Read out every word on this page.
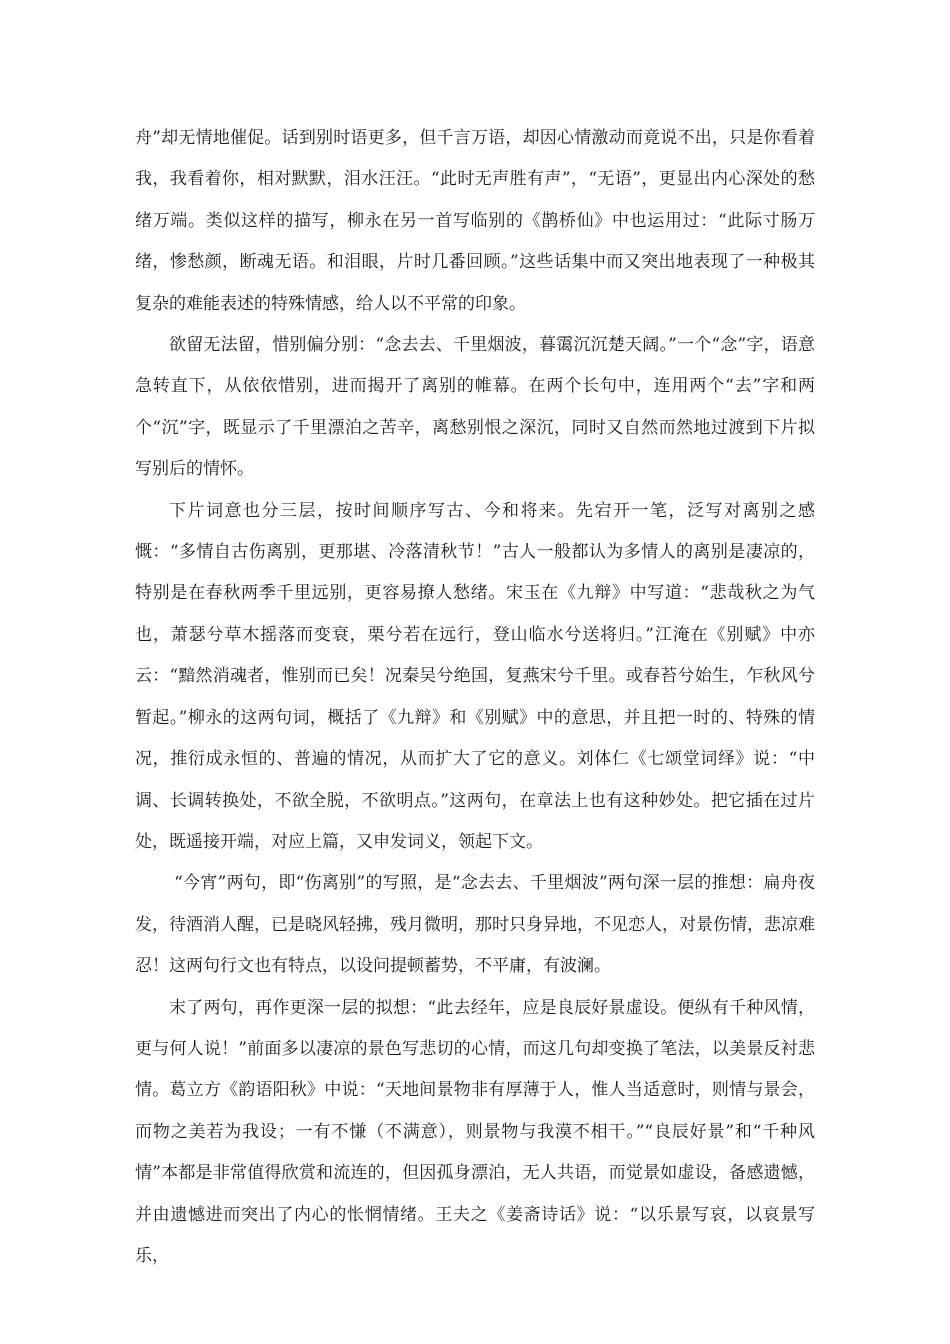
舟”却无情地催促。话到别时语更多，但千言万语，却因心情激动而竟说不出，只是你看着我，我看着你，相对默默，泪水汪汪。“此时无声胜有声”，“无语”，更显出内心深处的愁绪万端。类似这样的描写，柳永在另一首写临别的《鹊桥仙》中也运用过：“此际寸肠万绪，惨愁颜，断魂无语。和泪眼，片时几番回顾。”这些话集中而又突出地表现了一种极其复杂的难能表述的特殊情感，给人以不平常的印象。

欲留无法留，惜别偏分别：“念去去、千里烟波，暮霭沉沉楚天阔。”一个“念”字，语意急转直下，从依依惜别，进而揭开了离别的帷幕。在两个长句中，连用两个“去”字和两个“沉”字，既显示了千里漂泊之苦辛，离愁别恨之深沉，同时又自然而然地过渡到下片拟写别后的情怀。

下片词意也分三层，按时间顺序写古、今和将来。先宕开一笔，泛写对离别之感慨：“多情自古伤离别，更那堪、冷落清秋节！”古人一般都认为多情人的离别是凄凉的，特别是在春秋两季千里远别，更容易撩人愁绪。宋玉在《九辩》中写道：“悲哉秋之为气也，萧瑟兮草木摇落而变衰，栗兮若在远行，登山临水兮送将归。”江淹在《别赋》中亦云：“黯然消魂者，惟别而已矣！况秦吴兮绝国，复燕宋兮千里。或春苔兮始生，乍秋风兮暂起。”柳永的这两句词，概括了《九辩》和《别赋》中的意思，并且把一时的、特殊的情况，推衍成永恒的、普遍的情况，从而扩大了它的意义。刘体仁《七颂堂词绎》说：“中调、长调转换处，不欲全脱，不欲明点。”这两句，在章法上也有这种妙处。把它插在过片处，既遥接开端，对应上篇，又申发词义，领起下文。

“今宵”两句，即“伤离别”的写照，是“念去去、千里烟波”两句深一层的推想：扁舟夜发，待酒消人醒，已是晓风轻拂，残月微明，那时只身异地，不见恋人，对景伤情，悲凉难忍！这两句行文也有特点，以设问提顿蓄势，不平庸，有波澜。

末了两句，再作更深一层的拟想：“此去经年，应是良辰好景虚设。便纵有千种风情，更与何人说！”前面多以凄凉的景色写悲切的心情，而这几句却变换了笔法，以美景反衬悲情。葛立方《韵语阳秋》中说：“天地间景物非有厚薄于人，惟人当适意时，则情与景会，而物之美若为我设；一有不慊（不满意），则景物与我漠不相干。”“良辰好景”和“千种风情”本都是非常值得欣赏和流连的，但因孤身漂泊，无人共语，而觉景如虚设，备感遗憾，并由遗憾进而突出了内心的怅惘情绪。王夫之《姜斋诗话》说：“以乐景写哀，以哀景写乐，
